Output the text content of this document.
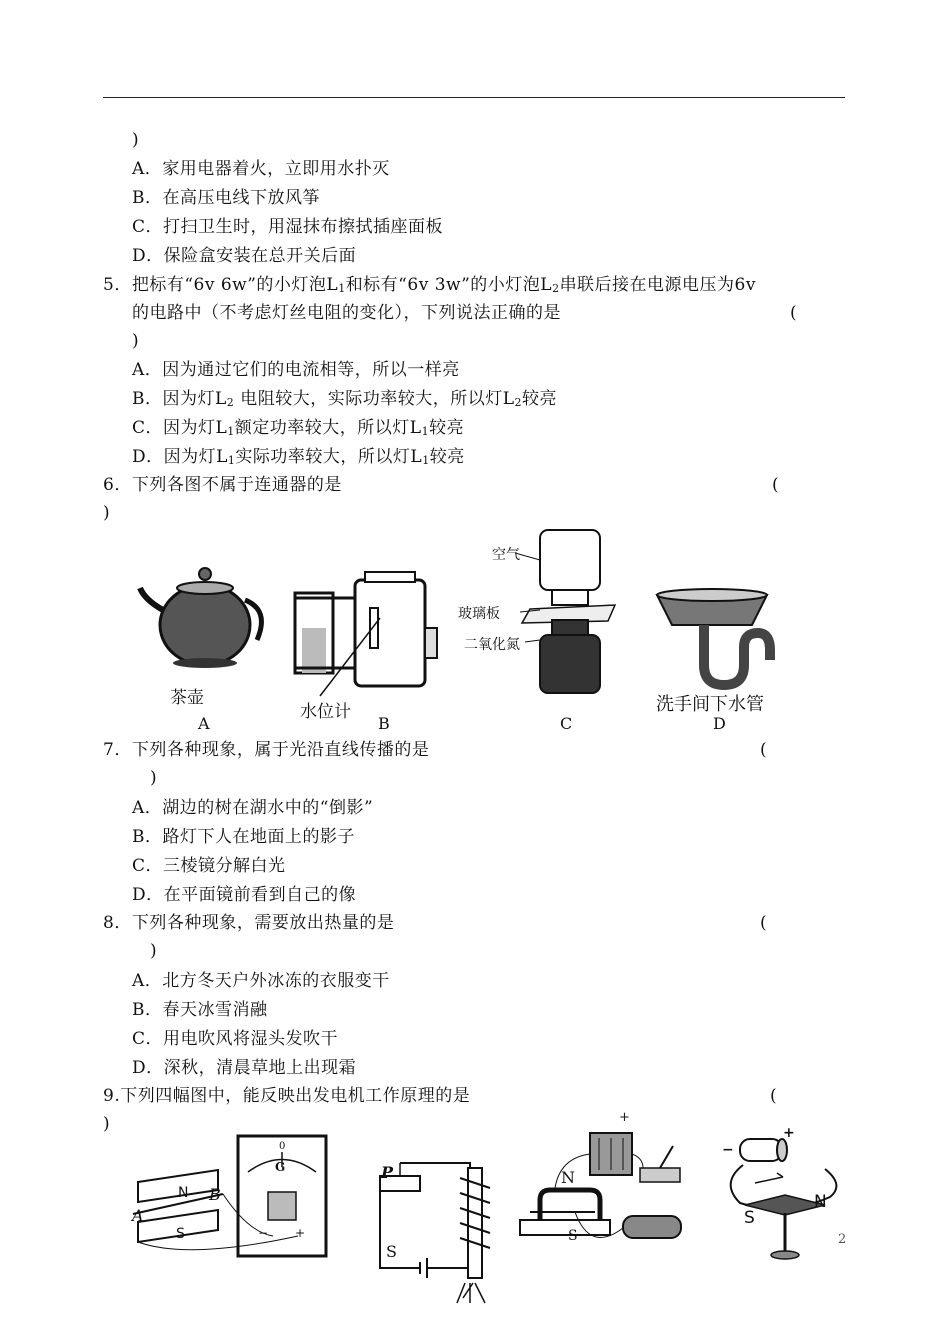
)
A．家用电器着火，立即用水扑灭
B．在高压电线下放风筝
C．打扫卫生时，用湿抹布擦拭插座面板
D．保险盒安装在总开关后面
5．把标有“6v 6w”的小灯泡$L_1$和标有“6v 3w”的小灯泡$L_2$串联后接在电源电压为6v
的电路中（不考虑灯丝电阻的变化），下列说法正确的是	(
)
A．因为通过它们的电流相等，所以一样亮
B．因为灯$L_2$ 电阻较大，实际功率较大，所以灯$L_2$较亮
C．因为灯$L_1$额定功率较大，所以灯$L_1$较亮
D．因为灯$L_1$实际功率较大，所以灯$L_1$较亮
6．下列各图不属于连通器的是	(
)
茶壶
A
水位计
B
空气
玻璃板
二氧化氮
C
洗手间下水管
D
7．下列各种现象，属于光沿直线传播的是	(
)
A．湖边的树在湖水中的“倒影”
B．路灯下人在地面上的影子
C．三棱镜分解白光
D．在平面镜前看到自己的像
8．下列各种现象，需要放出热量的是	(
)
A．北方冬天户外冰冻的衣服变干
B．春天冰雪消融
C．用电吹风将湿头发吹干
D．深秋，清晨草地上出现霜
9.下列四幅图中，能反映出发电机工作原理的是	(
)
N
S
A
B
G
0
− +
P
S
+
N
S
+
−
S
N
2
